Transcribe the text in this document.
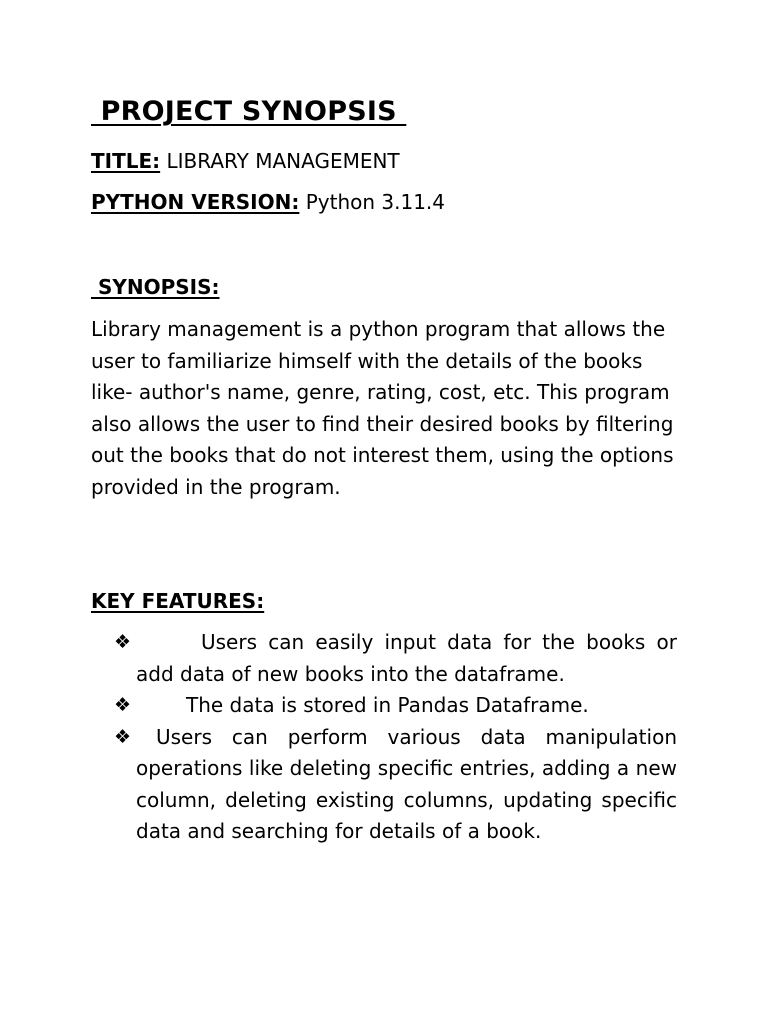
PROJECT SYNOPSIS
TITLE: LIBRARY MANAGEMENT
PYTHON VERSION: Python 3.11.4
SYNOPSIS:
Library management is a python program that allows the user to familiarize himself with the details of the books like- author's name, genre, rating, cost, etc. This program also allows the user to find their desired books by filtering out the books that do not interest them, using the options provided in the program.
KEY FEATURES:
❖	Users can easily input data for the books or add data of new books into the dataframe.
❖	The data is stored in Pandas Dataframe.
❖	Users can perform various data manipulation operations like deleting specific entries, adding a new column, deleting existing columns, updating specific data and searching for details of a book.
